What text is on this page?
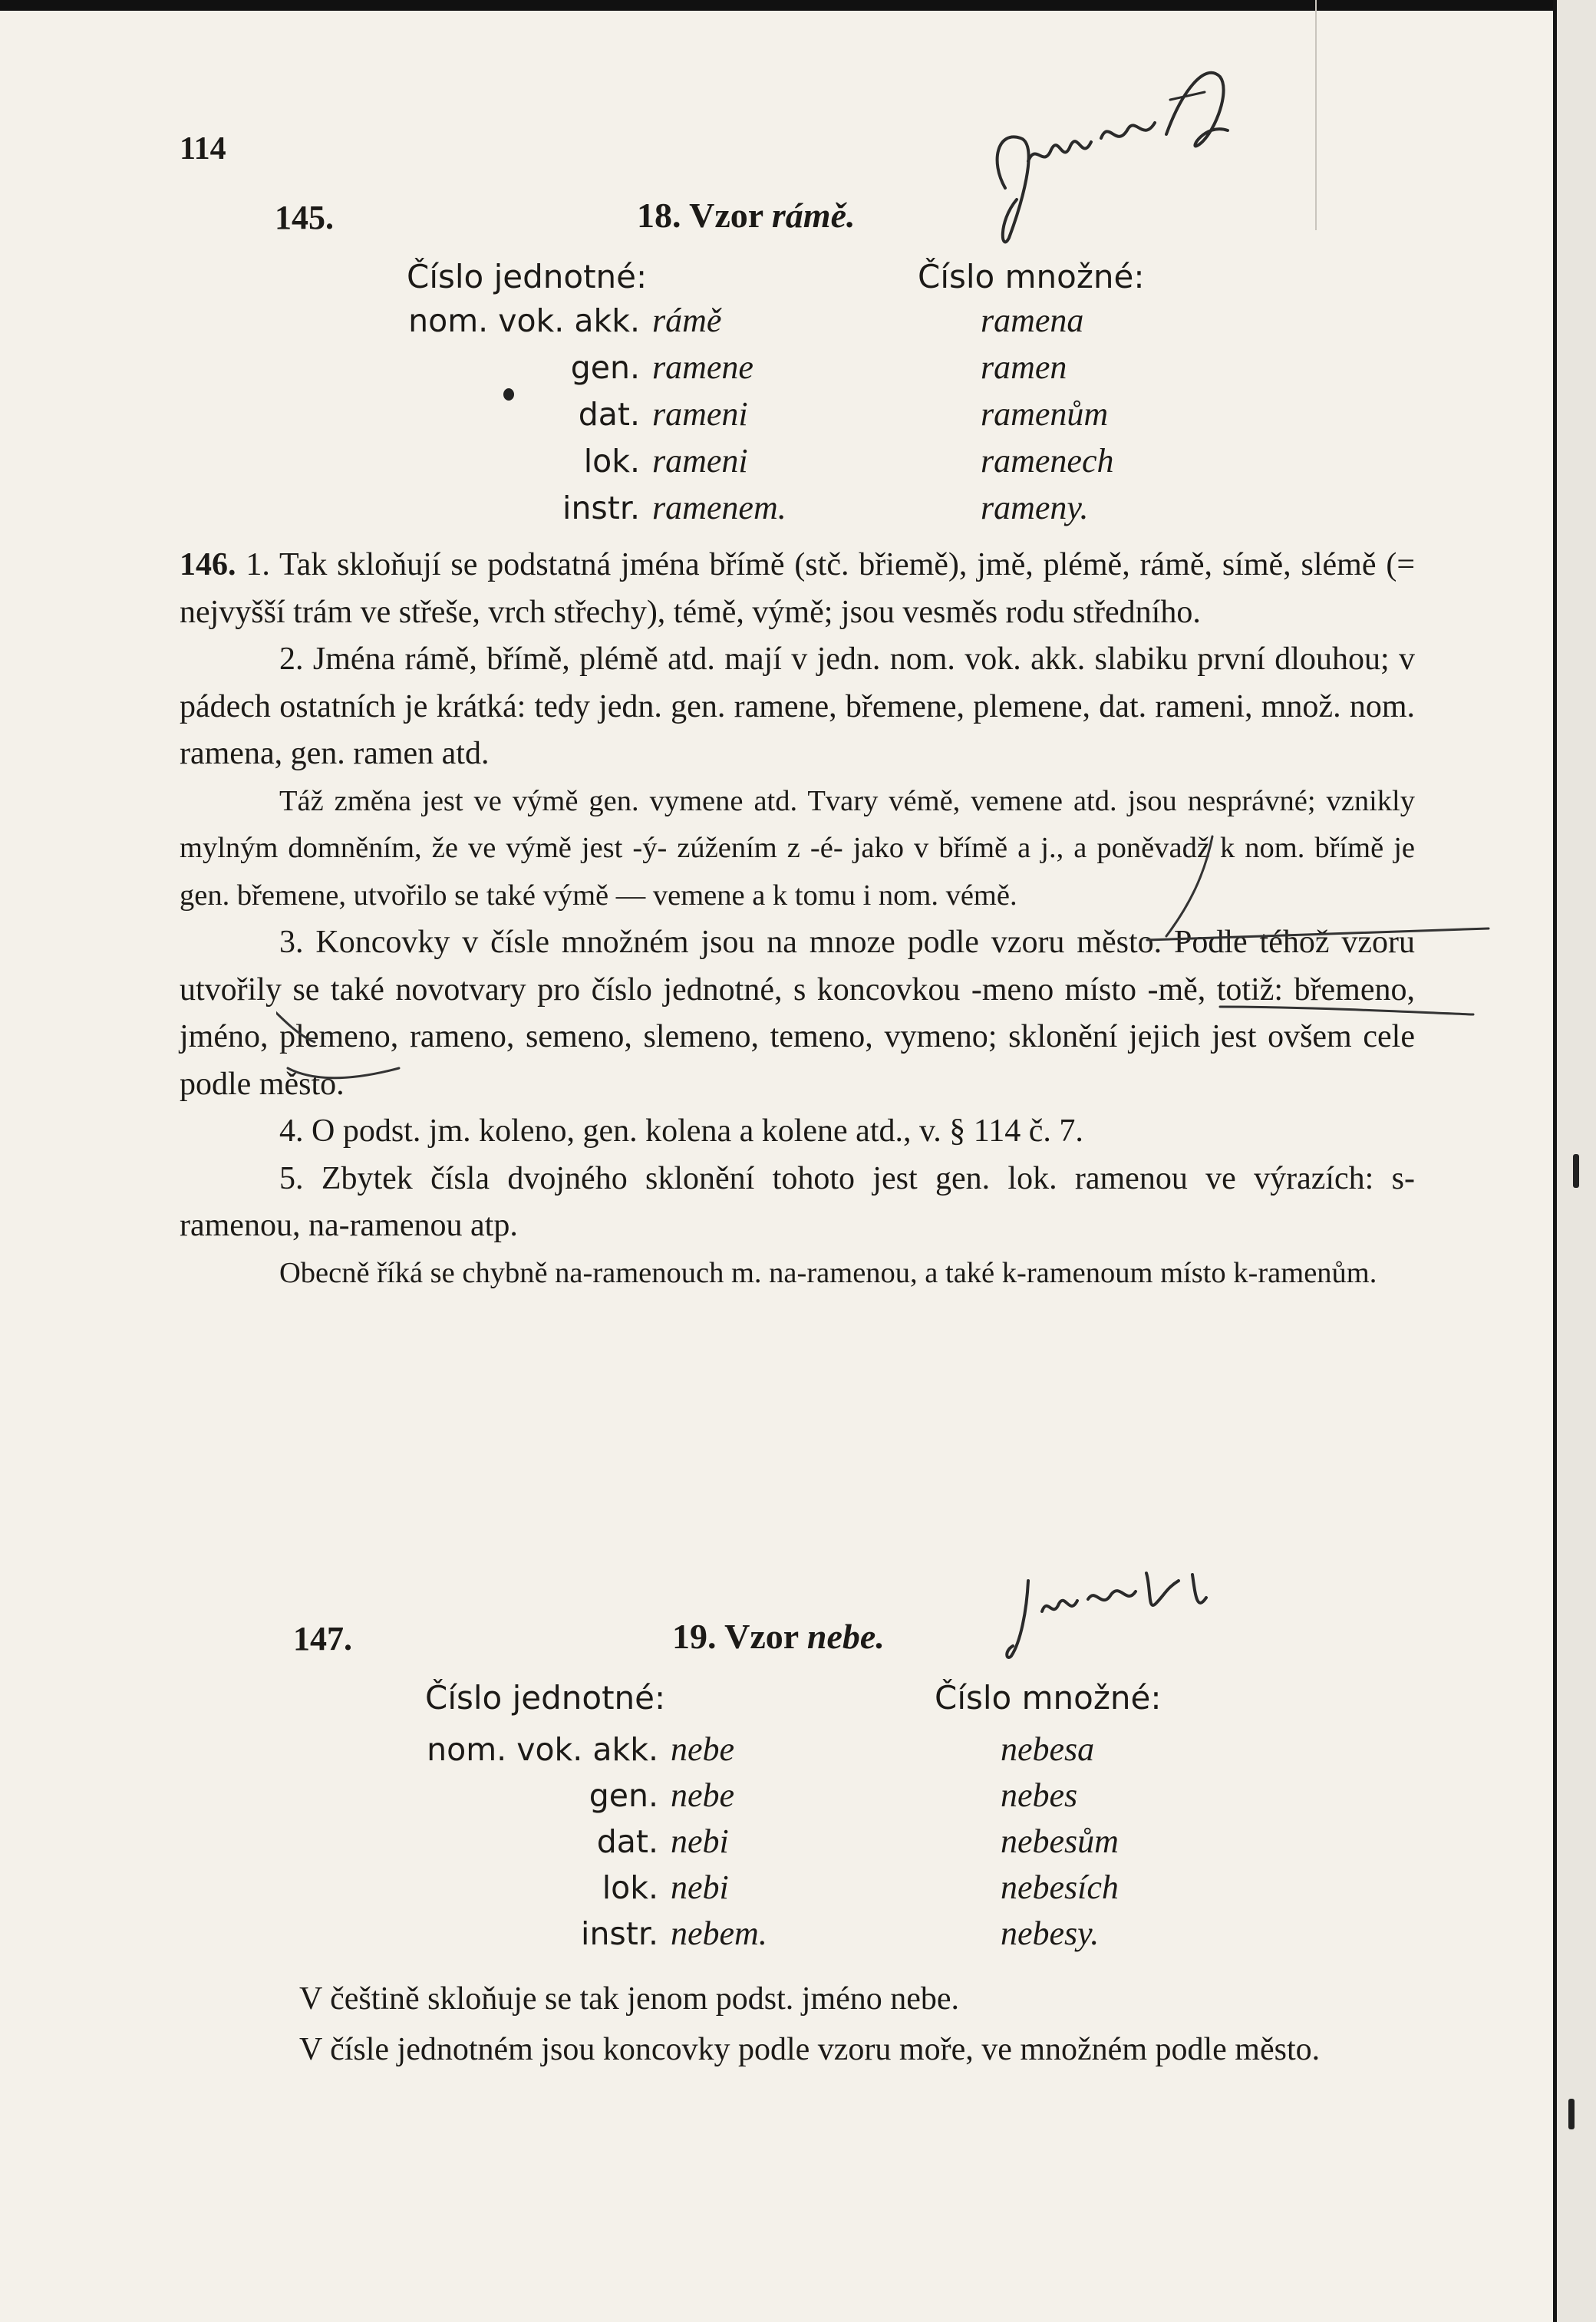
114
145.	18. Vzor rámě.
Číslo jednotné:	Číslo množné:
nom. vok. akk. rámě	ramena
gen. ramene	ramen
dat. rameni	ramenům
lok. rameni	ramenech
instr. ramenem.	rameny.

146. 1. Tak skloňují se podstatná jména břímě (stč. břiemě), jmě, plémě, rámě, símě, slémě (= nejvyšší trám ve střeše, vrch střechy), témě, výmě; jsou vesměs rodu středního.

2. Jména rámě, břímě, plémě atd. mají v jedn. nom. vok. akk. slabiku první dlouhou; v pádech ostatních je krátká: tedy jedn. gen. ramene, břemene, plemene, dat. rameni, množ. nom. ramena, gen. ramen atd.

Táž změna jest ve výmě gen. vymene atd. Tvary vémě, vemene atd. jsou nesprávné; vznikly mylným domněním, že ve výmě jest -ý- zúžením z -é- jako v břímě a j., a poněvadž k nom. břímě je gen. břemene, utvořilo se také výmě — vemene a k tomu i nom. vémě.

3. Koncovky v čísle množném jsou na mnoze podle vzoru město. Podle téhož vzoru utvořily se také novotvary pro číslo jednotné, s koncovkou -meno místo -mě, totiž: břemeno, jméno, plemeno, rameno, semeno, slemeno, temeno, vymeno; sklonění jejich jest ovšem cele podle město.

4. O podst. jm. koleno, gen. kolena a kolene atd., v. § 114 č. 7.

5. Zbytek čísla dvojného sklonění tohoto jest gen. lok. ramenou ve výrazích: s-ramenou, na-ramenou atp.

Obecně říká se chybně na-ramenouch m. na-ramenou, a také k-ramenoum místo k-ramenům.

147.	19. Vzor nebe.
Číslo jednotné:	Číslo množné:
nom. vok. akk. nebe	nebesa
gen. nebe	nebes
dat. nebi	nebesům
lok. nebi	nebesích
instr. nebem.	nebesy.

V češtině skloňuje se tak jenom podst. jméno nebe.

V čísle jednotném jsou koncovky podle vzoru moře, ve množném podle město.
